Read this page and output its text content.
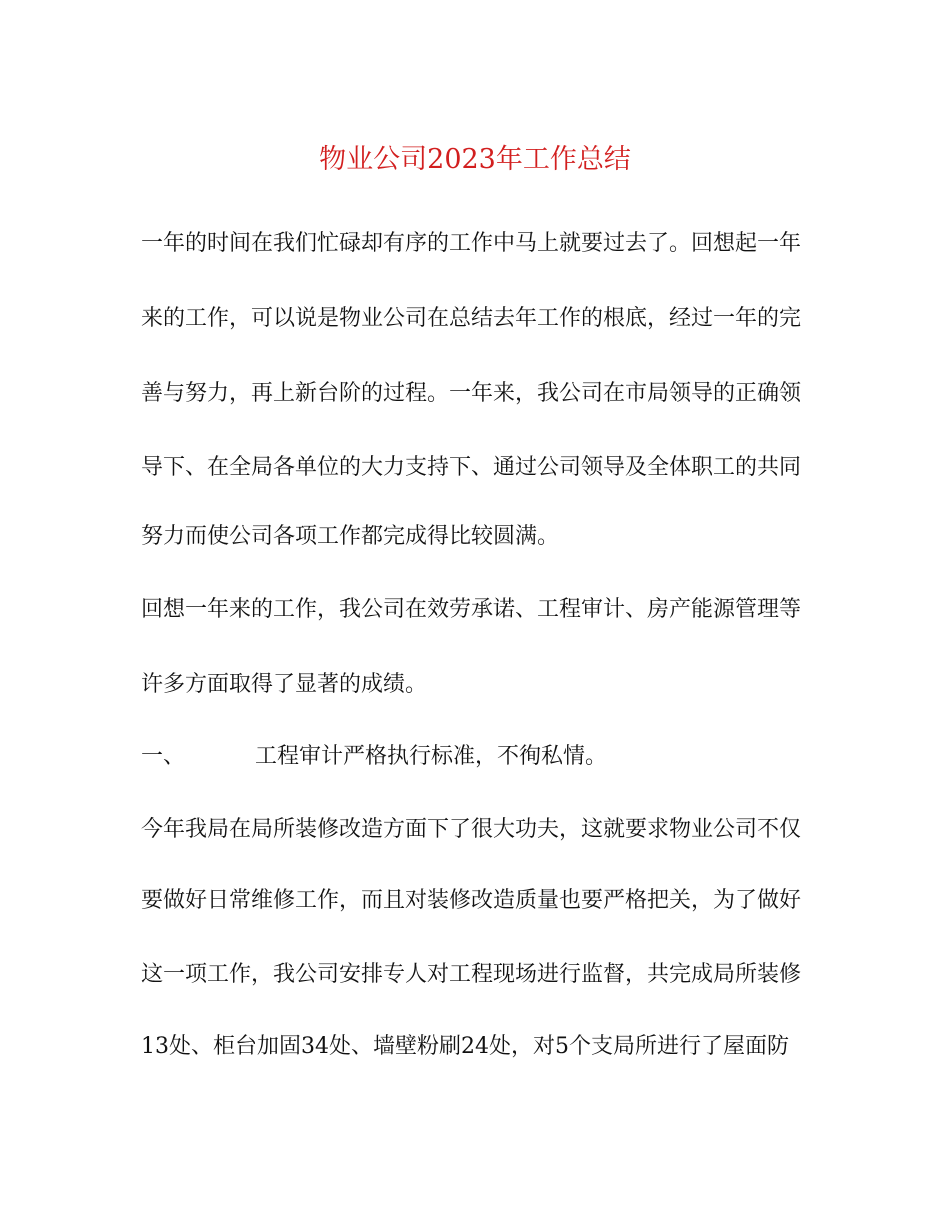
物业公司2023年工作总结
一年的时间在我们忙碌却有序的工作中马上就要过去了。回想起一年
来的工作，可以说是物业公司在总结去年工作的根底，经过一年的完
善与努力，再上新台阶的过程。一年来，我公司在市局领导的正确领
导下、在全局各单位的大力支持下、通过公司领导及全体职工的共同
努力而使公司各项工作都完成得比较圆满。
回想一年来的工作，我公司在效劳承诺、工程审计、房产能源管理等
许多方面取得了显著的成绩。
一、	工程审计严格执行标准，不徇私情。
今年我局在局所装修改造方面下了很大功夫，这就要求物业公司不仅
要做好日常维修工作，而且对装修改造质量也要严格把关，为了做好
这一项工作，我公司安排专人对工程现场进行监督，共完成局所装修
13处、柜台加固34处、墙壁粉刷24处，对5个支局所进行了屋面防
